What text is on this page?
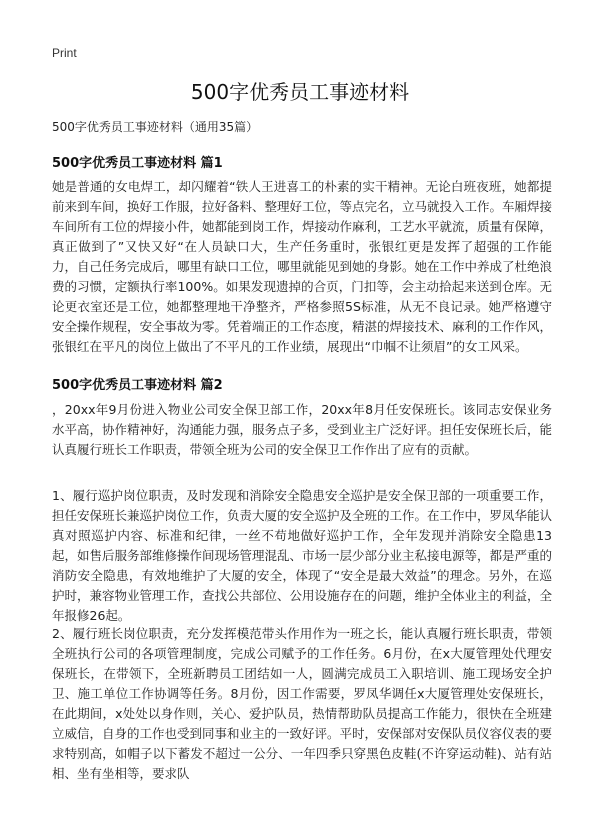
Print
500字优秀员工事迹材料
500字优秀员工事迹材料（通用35篇）
500字优秀员工事迹材料 篇1

她是普通的女电焊工，却闪耀着“铁人王进喜工的朴素的实干精神。无论白班夜班，她都提前来到车间，换好工作服，拉好备料、整理好工位，等点完名，立马就投入工作。车厢焊接车间所有工位的焊接小件，她都能到岗工作，焊接动作麻利，工艺水平就流，质量有保障，真正做到了”又快又好“在人员缺口大，生产任务重时，张银红更是发挥了超强的工作能力，自己任务完成后，哪里有缺口工位，哪里就能见到她的身影。她在工作中养成了杜绝浪费的习惯，定额执行率100%。如果发现遗掉的合页，门扣等，会主动拾起来送到仓库。无论更衣室还是工位，她都整理地干净整齐，严格参照5S标准，从无不良记录。她严格遵守安全操作规程，安全事故为零。凭着端正的工作态度，精湛的焊接技术、麻利的工作作风，张银红在平凡的岗位上做出了不平凡的工作业绩，展现出“巾帼不让须眉”的女工风采。

500字优秀员工事迹材料 篇2

，20xx年9月份进入物业公司安全保卫部工作，20xx年8月任安保班长。该同志安保业务水平高，协作精神好，沟通能力强，服务点子多，受到业主广泛好评。担任安保班长后，能认真履行班长工作职责，带领全班为公司的安全保卫工作作出了应有的贡献。

1、履行巡护岗位职责，及时发现和消除安全隐患安全巡护是安全保卫部的一项重要工作，担任安保班长兼巡护岗位工作，负责大厦的安全巡护及全班的工作。在工作中，罗凤华能认真对照巡护内容、标准和纪律，一丝不苟地做好巡护工作，全年发现并消除安全隐患13起，如售后服务部维修操作间现场管理混乱、市场一层少部分业主私接电源等，都是严重的消防安全隐患，有效地维护了大厦的安全，体现了“安全是最大效益”的理念。另外，在巡护时，兼容物业管理工作，查找公共部位、公用设施存在的问题，维护全体业主的利益，全年报修26起。

2、履行班长岗位职责，充分发挥模范带头作用作为一班之长，能认真履行班长职责，带领全班执行公司的各项管理制度，完成公司赋予的工作任务。6月份，在x大厦管理处代理安保班长，在带领下，全班新聘员工团结如一人，圆满完成员工入职培训、施工现场安全护卫、施工单位工作协调等任务。8月份，因工作需要，罗凤华调任x大厦管理处安保班长，在此期间，x处处以身作则，关心、爱护队员，热情帮助队员提高工作能力，很快在全班建立威信，自身的工作也受到同事和业主的一致好评。平时，安保部对安保队员仪容仪表的要求特别高，如帽子以下蓄发不超过一公分、一年四季只穿黑色皮鞋(不许穿运动鞋)、站有站相、坐有坐相等，要求队
